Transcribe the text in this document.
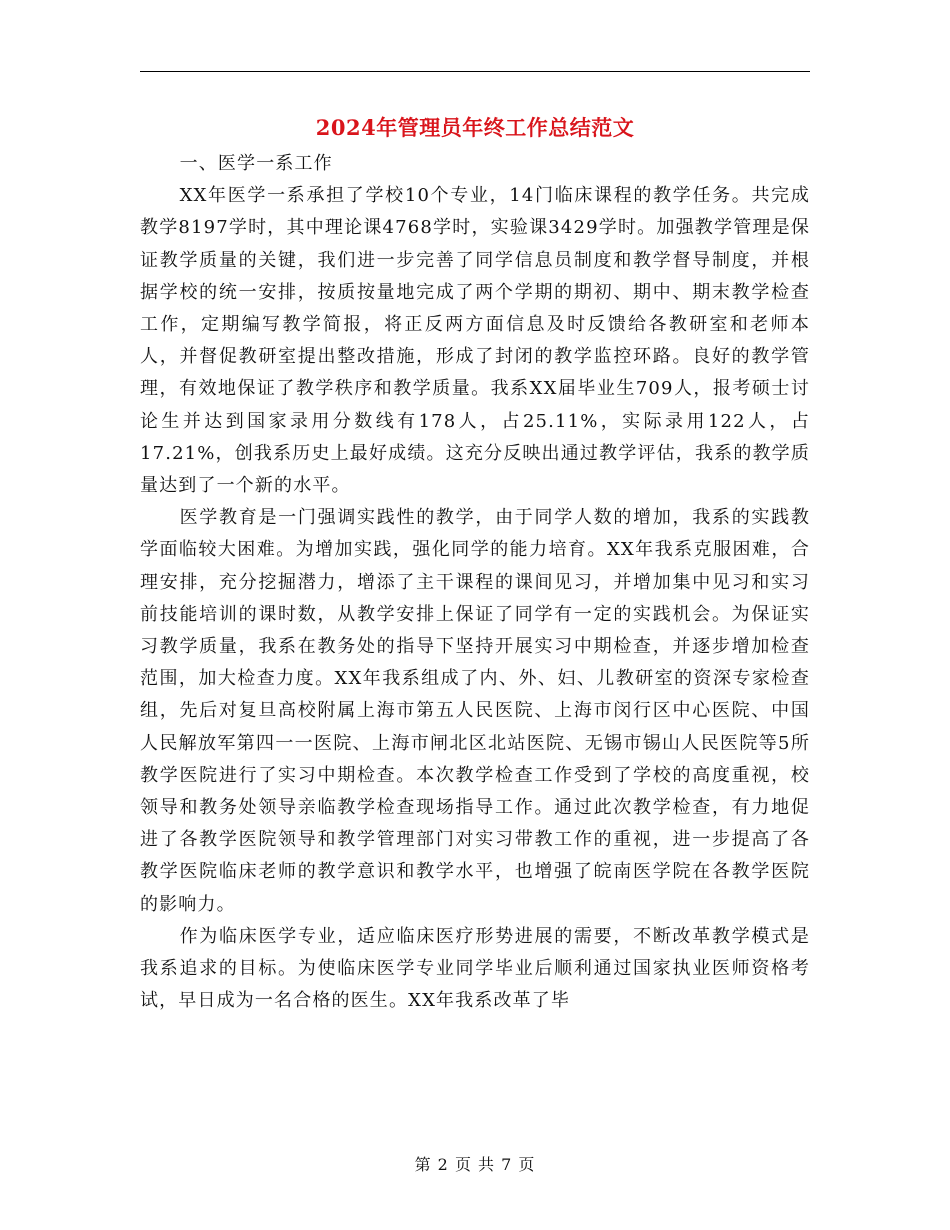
2024年管理员年终工作总结范文

一、医学一系工作

XX年医学一系承担了学校10个专业，14门临床课程的教学任务。共完成教学8197学时，其中理论课4768学时，实验课3429学时。加强教学管理是保证教学质量的关键，我们进一步完善了同学信息员制度和教学督导制度，并根据学校的统一安排，按质按量地完成了两个学期的期初、期中、期末教学检查工作，定期编写教学简报，将正反两方面信息及时反馈给各教研室和老师本人，并督促教研室提出整改措施，形成了封闭的教学监控环路。良好的教学管理，有效地保证了教学秩序和教学质量。我系XX届毕业生709人，报考硕士讨论生并达到国家录用分数线有178人，占25.11%，实际录用122人，占17.21%，创我系历史上最好成绩。这充分反映出通过教学评估，我系的教学质量达到了一个新的水平。

医学教育是一门强调实践性的教学，由于同学人数的增加，我系的实践教学面临较大困难。为增加实践，强化同学的能力培育。XX年我系克服困难，合理安排，充分挖掘潜力，增添了主干课程的课间见习，并增加集中见习和实习前技能培训的课时数，从教学安排上保证了同学有一定的实践机会。为保证实习教学质量，我系在教务处的指导下坚持开展实习中期检查，并逐步增加检查范围，加大检查力度。XX年我系组成了内、外、妇、儿教研室的资深专家检查组，先后对复旦高校附属上海市第五人民医院、上海市闵行区中心医院、中国人民解放军第四一一医院、上海市闸北区北站医院、无锡市锡山人民医院等5所教学医院进行了实习中期检查。本次教学检查工作受到了学校的高度重视，校领导和教务处领导亲临教学检查现场指导工作。通过此次教学检查，有力地促进了各教学医院领导和教学管理部门对实习带教工作的重视，进一步提高了各教学医院临床老师的教学意识和教学水平，也增强了皖南医学院在各教学医院的影响力。

作为临床医学专业，适应临床医疗形势进展的需要，不断改革教学模式是我系追求的目标。为使临床医学专业同学毕业后顺利通过国家执业医师资格考试，早日成为一名合格的医生。XX年我系改革了毕

第 2 页 共 7 页
